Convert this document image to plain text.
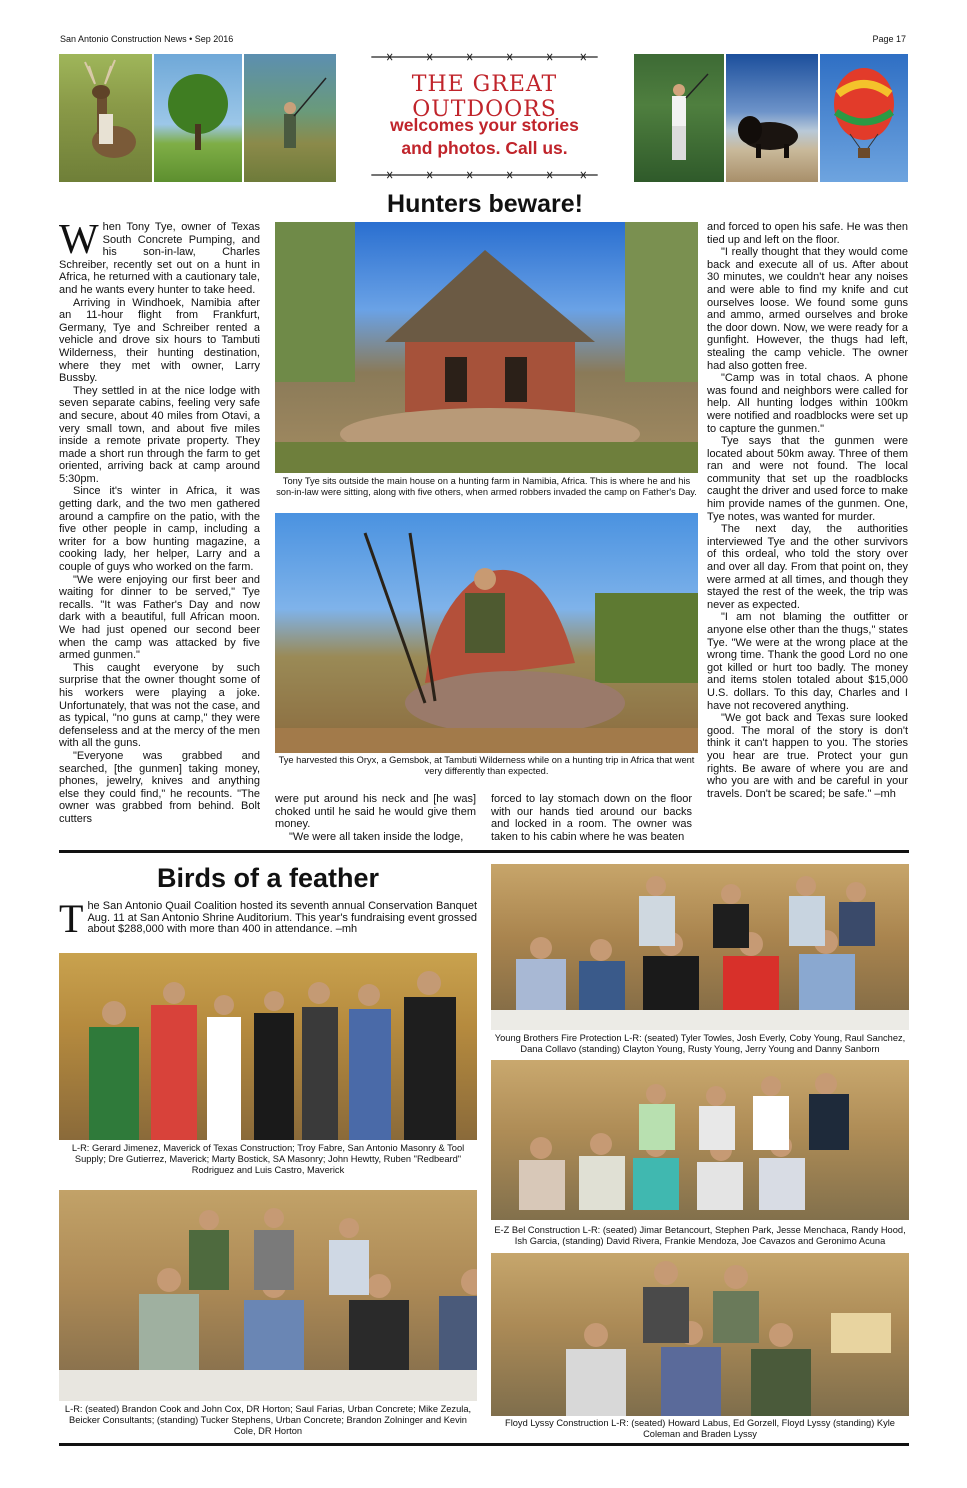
San Antonio Construction News • Sep 2016	Page 17
THE GREAT OUTDOORS
welcomes your stories
and photos. Call us.
Hunters beware!
W hen Tony Tye, owner of Texas South Concrete Pumping, and his son-in-law, Charles Schreiber, recently set out on a hunt in Africa, he returned with a cautionary tale, and he wants every hunter to take heed.

Arriving in Windhoek, Namibia after an 11-hour flight from Frankfurt, Germany, Tye and Schreiber rented a vehicle and drove six hours to Tambuti Wilderness, their hunting destination, where they met with owner, Larry Bussby.

They settled in at the nice lodge with seven separate cabins, feeling very safe and secure, about 40 miles from Otavi, a very small town, and about five miles inside a remote private property. They made a short run through the farm to get oriented, arriving back at camp around 5:30pm.

Since it's winter in Africa, it was getting dark, and the two men gathered around a campfire on the patio, with the five other people in camp, including a writer for a bow hunting magazine, a cooking lady, her helper, Larry and a couple of guys who worked on the farm.

"We were enjoying our first beer and waiting for dinner to be served," Tye recalls. "It was Father's Day and now dark with a beautiful, full African moon. We had just opened our second beer when the camp was attacked by five armed gunmen."

This caught everyone by such surprise that the owner thought some of his workers were playing a joke. Unfortunately, that was not the case, and as typical, "no guns at camp," they were defenseless and at the mercy of the men with all the guns.

"Everyone was grabbed and searched, [the gunmen] taking money, phones, jewelry, knives and anything else they could find," he recounts. "The owner was grabbed from behind. Bolt cutters

Tony Tye sits outside the main house on a hunting farm in Namibia, Africa. This is where he and his son-in-law were sitting, along with five others, when armed robbers invaded the camp on Father's Day.
Tye harvested this Oryx, a Gemsbok, at Tambuti Wilderness while on a hunting trip in Africa that went very differently than expected.

were put around his neck and [he was] choked until he said he would give them money.

"We were all taken inside the lodge,

forced to lay stomach down on the floor with our hands tied around our backs and locked in a room. The owner was taken to his cabin where he was beaten

and forced to open his safe. He was then tied up and left on the floor.

"I really thought that they would come back and execute all of us. After about 30 minutes, we couldn't hear any noises and were able to find my knife and cut ourselves loose. We found some guns and ammo, armed ourselves and broke the door down. Now, we were ready for a gunfight. However, the thugs had left, stealing the camp vehicle. The owner had also gotten free.

"Camp was in total chaos. A phone was found and neighbors were called for help. All hunting lodges within 100km were notified and roadblocks were set up to capture the gunmen."

Tye says that the gunmen were located about 50km away. Three of them ran and were not found. The local community that set up the roadblocks caught the driver and used force to make him provide names of the gunmen. One, Tye notes, was wanted for murder.

The next day, the authorities interviewed Tye and the other survivors of this ordeal, who told the story over and over all day. From that point on, they were armed at all times, and though they stayed the rest of the week, the trip was never as expected.

"I am not blaming the outfitter or anyone else other than the thugs," states Tye. "We were at the wrong place at the wrong time. Thank the good Lord no one got killed or hurt too badly. The money and items stolen totaled about $15,000 U.S. dollars. To this day, Charles and I have not recovered anything.

"We got back and Texas sure looked good. The moral of the story is don't think it can't happen to you. The stories you hear are true. Protect your gun rights. Be aware of where you are and who you are with and be careful in your travels. Don't be scared; be safe." –mh

Birds of a feather
T he San Antonio Quail Coalition hosted its seventh annual Conservation Banquet Aug. 11 at San Antonio Shrine Auditorium. This year's fundraising event grossed about $288,000 with more than 400 in attendance. –mh

L-R: Gerard Jimenez, Maverick of Texas Construction; Troy Fabre, San Antonio Masonry & Tool Supply; Dre Gutierrez, Maverick; Marty Bostick, SA Masonry; John Hewtty, Ruben "Redbeard" Rodriguez and Luis Castro, Maverick
L-R: (seated) Brandon Cook and John Cox, DR Horton; Saul Farias, Urban Concrete; Mike Zezula, Beicker Consultants; (standing) Tucker Stephens, Urban Concrete; Brandon Zolninger and Kevin Cole, DR Horton
Young Brothers Fire Protection L-R: (seated) Tyler Towles, Josh Everly, Coby Young, Raul Sanchez, Dana Collavo (standing) Clayton Young, Rusty Young, Jerry Young and Danny Sanborn
E-Z Bel Construction L-R: (seated) Jimar Betancourt, Stephen Park, Jesse Menchaca, Randy Hood, Ish Garcia, (standing) David Rivera, Frankie Mendoza, Joe Cavazos and Geronimo Acuna
Floyd Lyssy Construction L-R: (seated) Howard Labus, Ed Gorzell, Floyd Lyssy (standing) Kyle Coleman and Braden Lyssy
